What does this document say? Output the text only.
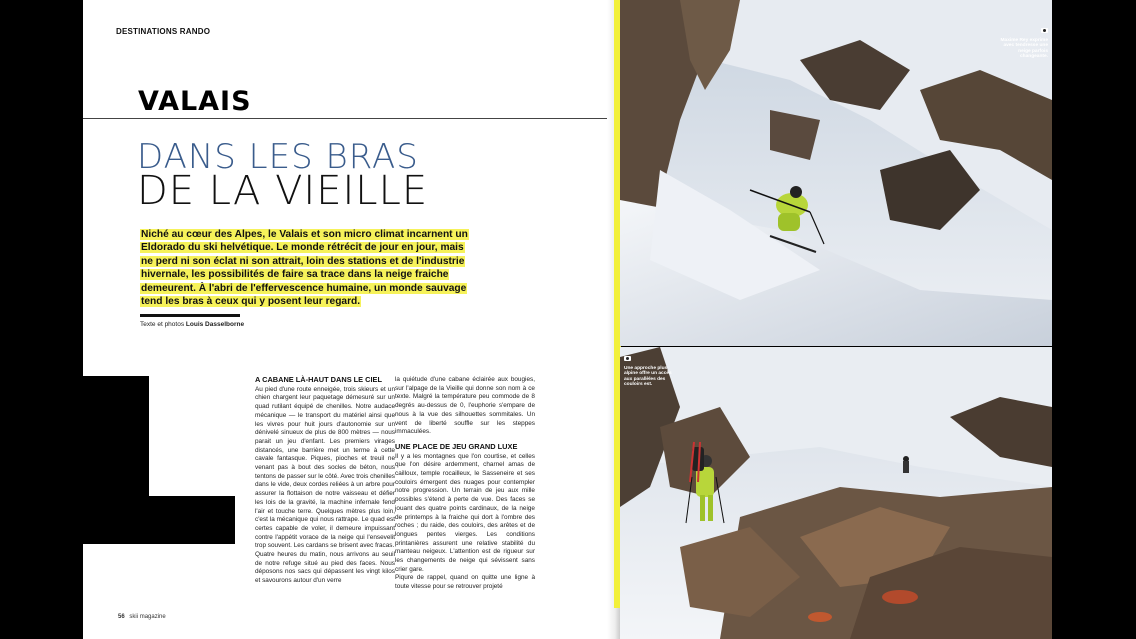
DESTINATIONS RANDO
VALAIS
DANS LES BRAS
DE LA VIEILLE
Niché au cœur des Alpes, le Valais et son micro climat incarnent un Eldorado du ski helvétique. Le monde rétrécit de jour en jour, mais ne perd ni son éclat ni son attrait, loin des stations et de l'industrie hivernale, les possibilités de faire sa trace dans la neige fraiche demeurent. À l'abri de l'effervescence humaine, un monde sauvage tend les bras à ceux qui y posent leur regard.
Texte et photos Louis Dasselborne
A CABANE LÀ-HAUT DANS LE CIEL

Au pied d'une route enneigée, trois skieurs et un chien chargent leur paquetage démesuré sur un quad rutilant équipé de chenilles. Notre audace mécanique — le transport du matériel ainsi que les vivres pour huit jours d'autonomie sur un dénivelé sinueux de plus de 800 mètres — nous parait un jeu d'enfant. Les premiers virages distancés, une barrière met un terme à cette cavale fantasque. Piques, pioches et treuil ne venant pas à bout des socles de béton, nous tentons de passer sur le côté. Avec trois chenilles dans le vide, deux cordes reliées à un arbre pour assurer la flottaison de notre vaisseau et défier les lois de la gravité, la machine infernale fend l'air et touche terre. Quelques mètres plus loin, c'est la mécanique qui nous rattrape. Le quad est certes capable de voler, il demeure impuissant contre l'appétit vorace de la neige qui l'ensevelit trop souvent. Les cardans se brisent avec fracas.

Quatre heures du matin, nous arrivons au seuil de notre refuge situé au pied des faces. Nous déposons nos sacs qui dépassent les vingt kilos et savourons autour d'un verre

la quiétude d'une cabane éclairée aux bougies, sur l'alpage de la Vieille qui donne son nom à ce texte. Malgré la température peu commode de 8 degrés au-dessus de 0, l'euphorie s'empare de nous à la vue des silhouettes sommitales. Un vent de liberté souffle sur les steppes immaculées.

UNE PLACE DE JEU GRAND LUXE

Il y a les montagnes que l'on courtise, et celles que l'on désire ardemment, charnel amas de cailloux, temple rocailleux, le Sasseneire et ses couloirs émergent des nuages pour contempler notre progression. Un terrain de jeu aux mille possibles s'étend à perte de vue. Des faces se jouant des quatre points cardinaux, de la neige de printemps à la fraiche qui dort à l'ombre des roches ; du raide, des couloirs, des arêtes et de longues pentes vierges. Les conditions printanières assurent une relative stabilité du manteau neigeux. L'attention est de rigueur sur les changements de neige qui sévissent sans crier gare.

Piqure de rappel, quand on quitte une ligne à toute vitesse pour se retrouver projeté

56 skii magazine

Maxime Rey exprime avec tendresse une neige parfois changeante.

Une approche plus alpine offre un accès aux parallèles des couloirs est.
